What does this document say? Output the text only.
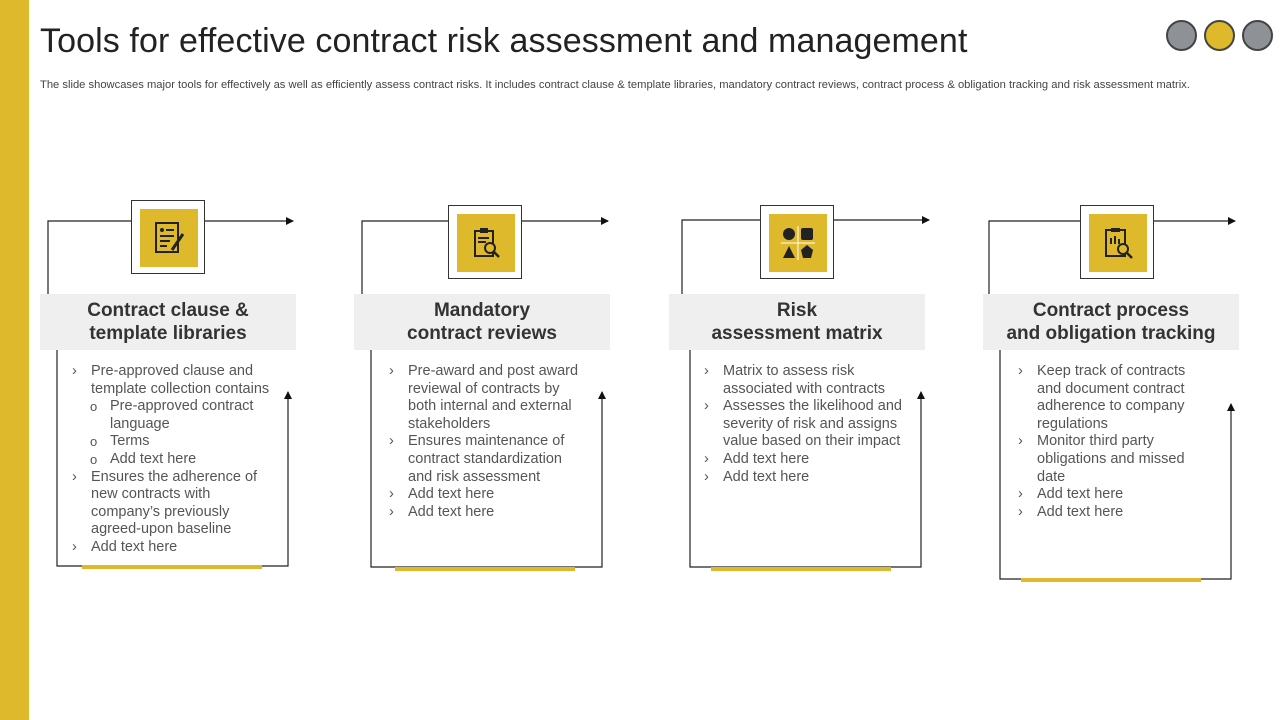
Tools for effective contract risk assessment and management
The slide showcases major tools for effectively as well as efficiently assess contract risks. It includes contract clause & template libraries, mandatory contract reviews, contract process & obligation tracking and risk assessment matrix.
Contract clause &
template libraries
› Pre-approved clause and template collection contains
o Pre-approved contract language
o Terms
o Add text here
› Ensures the adherence of new contracts with company’s previously agreed-upon baseline
› Add text here
Mandatory
contract reviews
› Pre-award and post award reviewal of contracts by both internal and external stakeholders
› Ensures maintenance of contract standardization and risk assessment
› Add text here
› Add text here
Risk
assessment matrix
› Matrix to assess risk associated with contracts
› Assesses the likelihood and severity of risk and assigns value based on their impact
› Add text here
› Add text here
Contract process
and obligation tracking
› Keep track of contracts and document contract adherence to company regulations
› Monitor third party obligations and missed date
› Add text here
› Add text here
